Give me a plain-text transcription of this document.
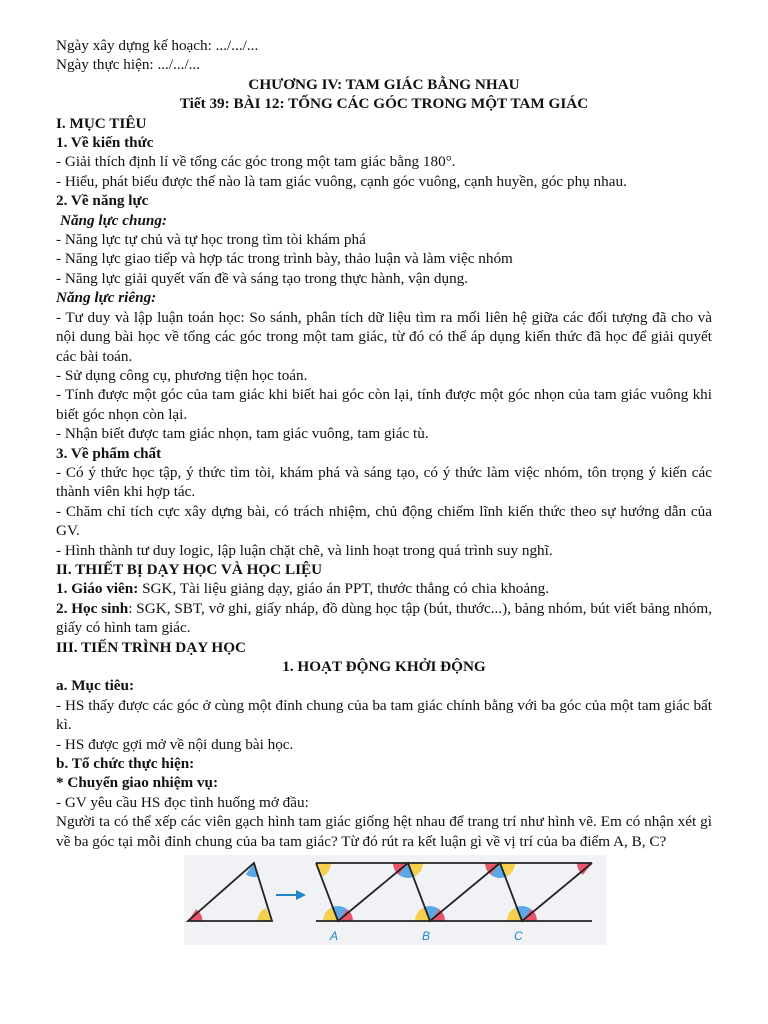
Ngày xây dựng kế hoạch: .../.../...
Ngày thực hiện: .../.../...
CHƯƠNG IV: TAM GIÁC BẰNG NHAU
Tiết 39: BÀI 12: TỔNG CÁC GÓC TRONG MỘT TAM GIÁC
I. MỤC TIÊU
1. Về kiến thức
- Giải thích định lí về tổng các góc trong một tam giác bằng 180°.
- Hiểu, phát biểu được thế nào là tam giác vuông, cạnh góc vuông, cạnh huyền, góc phụ nhau.
2. Về năng lực
Năng lực chung:
- Năng lực tự chủ và tự học trong tìm tòi khám phá
- Năng lực giao tiếp và hợp tác trong trình bày, thảo luận và làm việc nhóm
- Năng lực giải quyết vấn đề và sáng tạo trong thực hành, vận dụng.
Năng lực riêng:
- Tư duy và lập luận toán học: So sánh, phân tích dữ liệu tìm ra mối liên hệ giữa các đối tượng đã cho và nội dung bài học về tổng các góc trong một tam giác, từ đó có thể áp dụng kiến thức đã học để giải quyết các bài toán.
- Sử dụng công cụ, phương tiện học toán.
- Tính được một góc của tam giác khi biết hai góc còn lại, tính được một góc nhọn của tam giác vuông khi biết góc nhọn còn lại.
- Nhận biết được tam giác nhọn, tam giác vuông, tam giác tù.
3. Về phẩm chất
- Có ý thức học tập, ý thức tìm tòi, khám phá và sáng tạo, có ý thức làm việc nhóm, tôn trọng ý kiến các thành viên khi hợp tác.
- Chăm chỉ tích cực xây dựng bài, có trách nhiệm, chủ động chiếm lĩnh kiến thức theo sự hướng dẫn của GV.
- Hình thành tư duy logic, lập luận chặt chẽ, và linh hoạt trong quá trình suy nghĩ.
II. THIẾT BỊ DẠY HỌC VÀ HỌC LIỆU
1. Giáo viên: SGK, Tài liệu giảng dạy, giáo án PPT, thước thẳng có chia khoảng.
2. Học sinh: SGK, SBT, vở ghi, giấy nháp, đồ dùng học tập (bút, thước...), bảng nhóm, bút viết bảng nhóm, giấy có hình tam giác.
III. TIẾN TRÌNH DẠY HỌC
1. HOẠT ĐỘNG KHỞI ĐỘNG
a. Mục tiêu:
- HS thấy được các góc ở cùng một đỉnh chung của ba tam giác chính bằng với ba góc của một tam giác bất kì.
- HS được gợi mở về nội dung bài học.
b. Tổ chức thực hiện:
* Chuyển giao nhiệm vụ:
- GV yêu cầu HS đọc tình huống mở đầu:
Người ta có thể xếp các viên gạch hình tam giác giống hệt nhau để trang trí như hình vẽ. Em có nhận xét gì về ba góc tại mỗi đỉnh chung của ba tam giác? Từ đó rút ra kết luận gì về vị trí của ba điểm A, B, C?
A	B	C
